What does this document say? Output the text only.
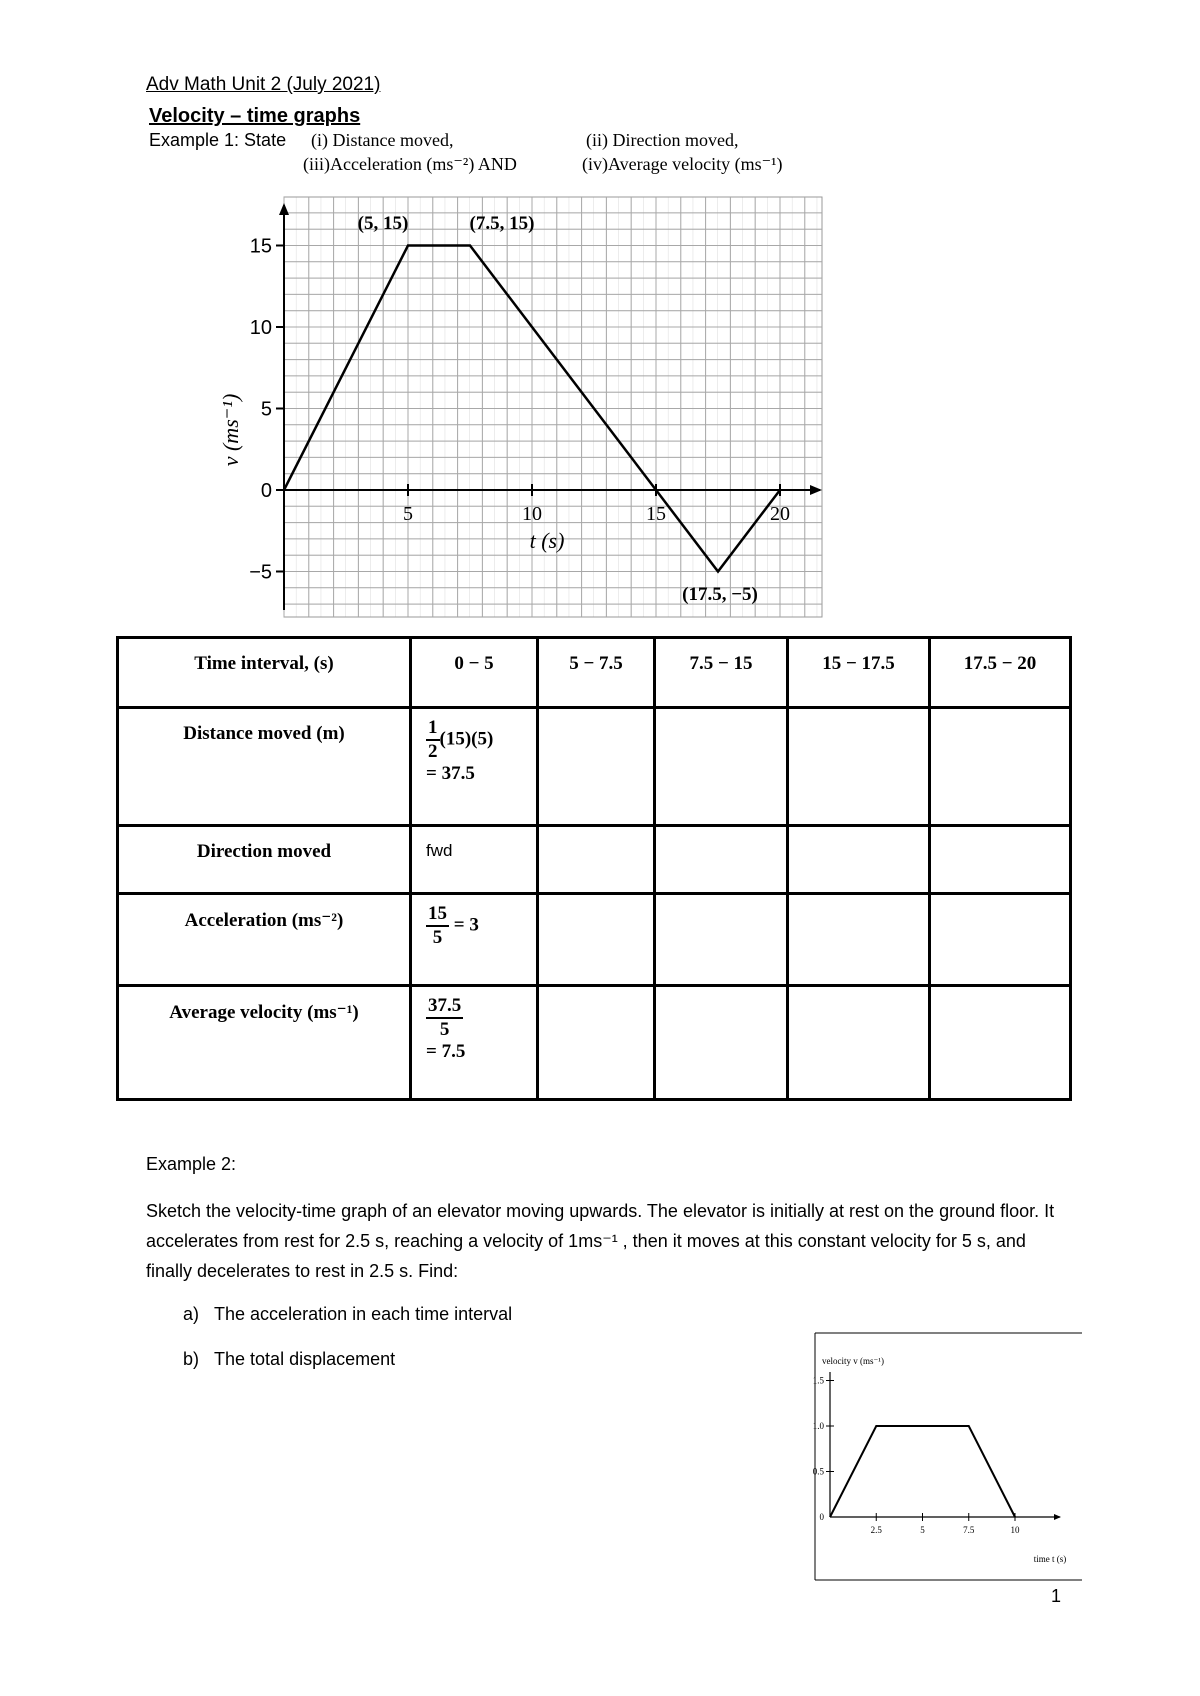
Adv Math Unit 2 (July 2021)
Velocity – time graphs
Example 1: State (i) Distance moved,	(ii) Direction moved,
(iii)Acceleration (ms⁻²) AND	(iv)Average velocity (ms⁻¹)
5	10	15	20
15
10
5
0
−5
v (ms⁻¹)
t (s)
(5, 15)	(7.5, 15)
(17.5, −5)
Time interval, (s)	0 − 5	5 − 7.5	7.5 − 15	15 − 17.5	17.5 − 20
Distance moved (m)	$\frac{1}{2} (15)(5)$
= 37.5				
Direction moved	fwd				
Acceleration (ms⁻²)	$\frac{15}{5} = 3$				
Average velocity (ms⁻¹)	$\frac{37.5}{5}$

= 7.5				
Example 2:
Sketch the velocity-time graph of an elevator moving upwards. The elevator is initially at rest on the ground floor. It accelerates from rest for 2.5 s, reaching a velocity of 1ms⁻¹ , then it moves at this constant velocity for 5 s, and finally decelerates to rest in 2.5 s. Find:
a) The acceleration in each time interval
b) The total displacement
2.5	5	7.5	10
0
0.5
1.0
1.5
velocity v (ms⁻¹)
time t (s)
1
